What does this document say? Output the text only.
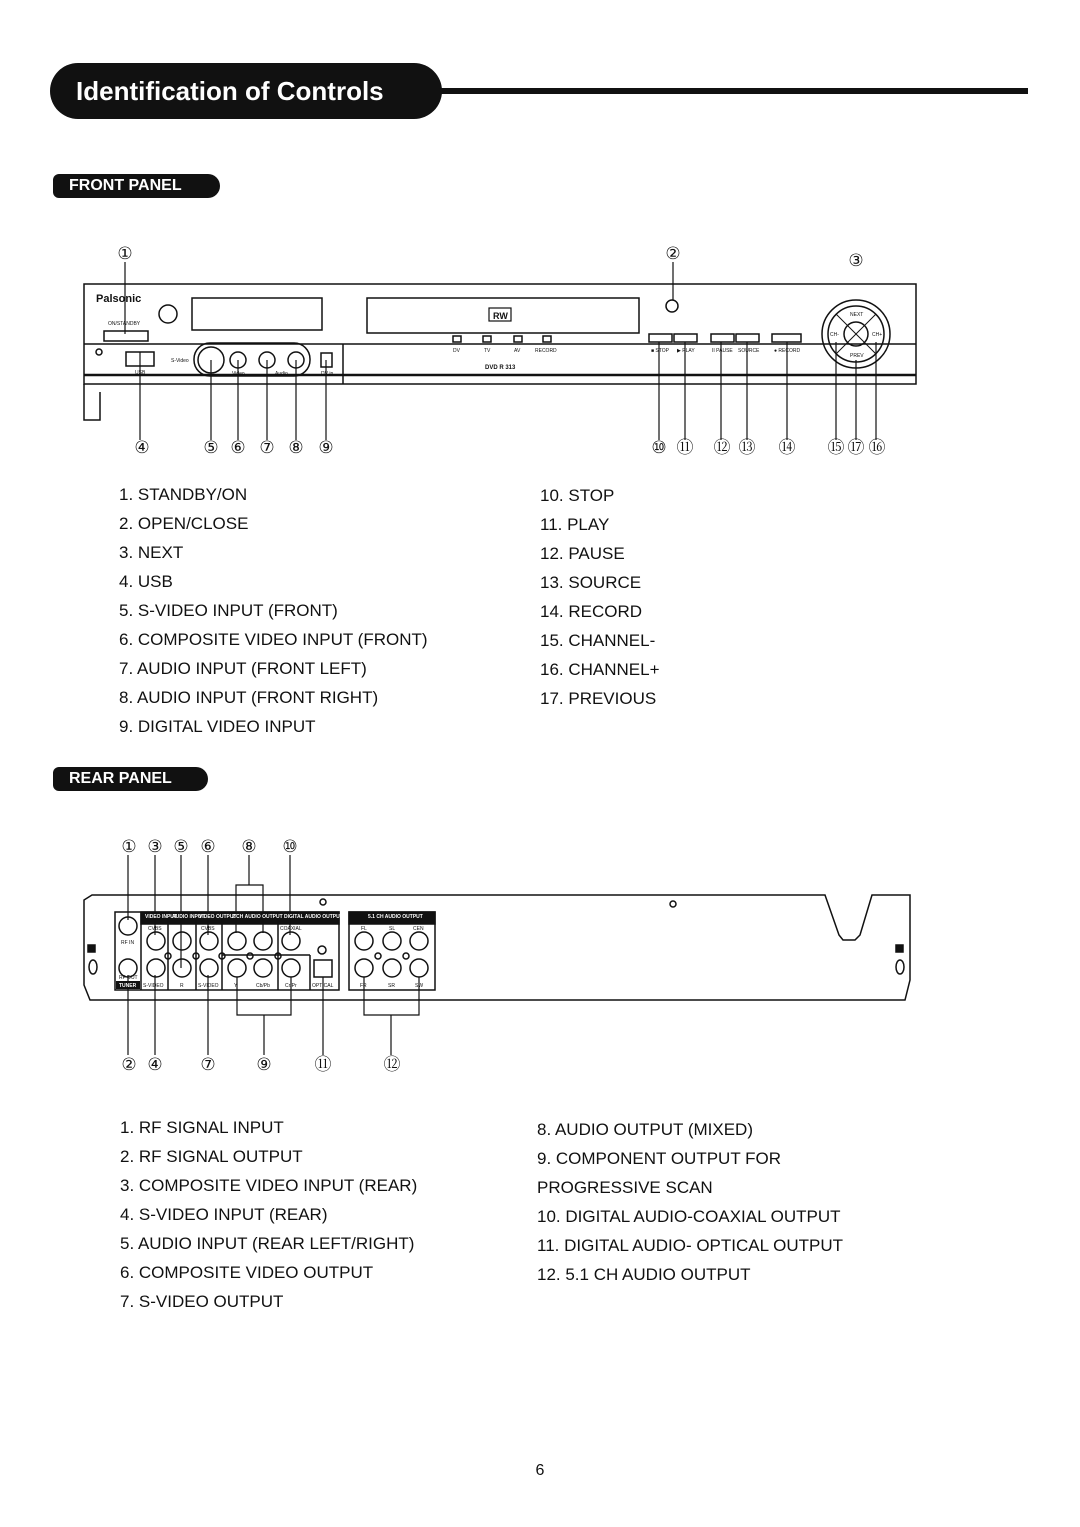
Identification of Controls
FRONT PANEL
Palsonic
ON/STANDBY
RW
DVD R 313
USB
S-Video
Video	Audio	DV in
DV	TV	AV	RECORD	■ STOP ▶ PLAY	II PAUSE SOURCE	● RECORD
NEXT
PREV
CH-	CH+
①	②	③
④	⑤ ⑥ ⑦ ⑧ ⑨	⑩ ⑪ ⑫ ⑬ ⑭ ⑮ ⑰ ⑯
1. STANDBY/ON
2. OPEN/CLOSE
3. NEXT
4. USB
5. S-VIDEO INPUT (FRONT)
6. COMPOSITE VIDEO INPUT (FRONT)
7. AUDIO INPUT (FRONT LEFT)
8. AUDIO INPUT (FRONT RIGHT)
9. DIGITAL VIDEO INPUT
10. STOP
11. PLAY
12. PAUSE
13. SOURCE
14. RECORD
15. CHANNEL-
16. CHANNEL+
17. PREVIOUS
REAR PANEL
VIDEO INPUT
AUDIO INPUT
VIDEO OUTPUT
2 CH AUDIO OUTPUT DIGITAL AUDIO OUTPUT	5.1 CH AUDIO OUTPUT
CVBS	CVBS	COAXIAL	FL	SL	CEN
RF IN
RF OUT
S-VIDEO	R	S-VIDEO	Y	Cb/Pb	Cr/Pr	OPTICAL	FR	SR	SW
TUNER
① ③ ⑤ ⑥ ⑧ ⑩
② ④ ⑦ ⑨	⑪	⑫
1. RF SIGNAL INPUT
2. RF SIGNAL OUTPUT
3. COMPOSITE VIDEO INPUT (REAR)
4. S-VIDEO INPUT (REAR)
5. AUDIO INPUT (REAR LEFT/RIGHT)
6. COMPOSITE VIDEO OUTPUT
7. S-VIDEO OUTPUT
8. AUDIO OUTPUT (MIXED)
9. COMPONENT OUTPUT FOR
PROGRESSIVE SCAN
10. DIGITAL AUDIO-COAXIAL OUTPUT
11. DIGITAL AUDIO- OPTICAL OUTPUT
12. 5.1 CH AUDIO OUTPUT
6
